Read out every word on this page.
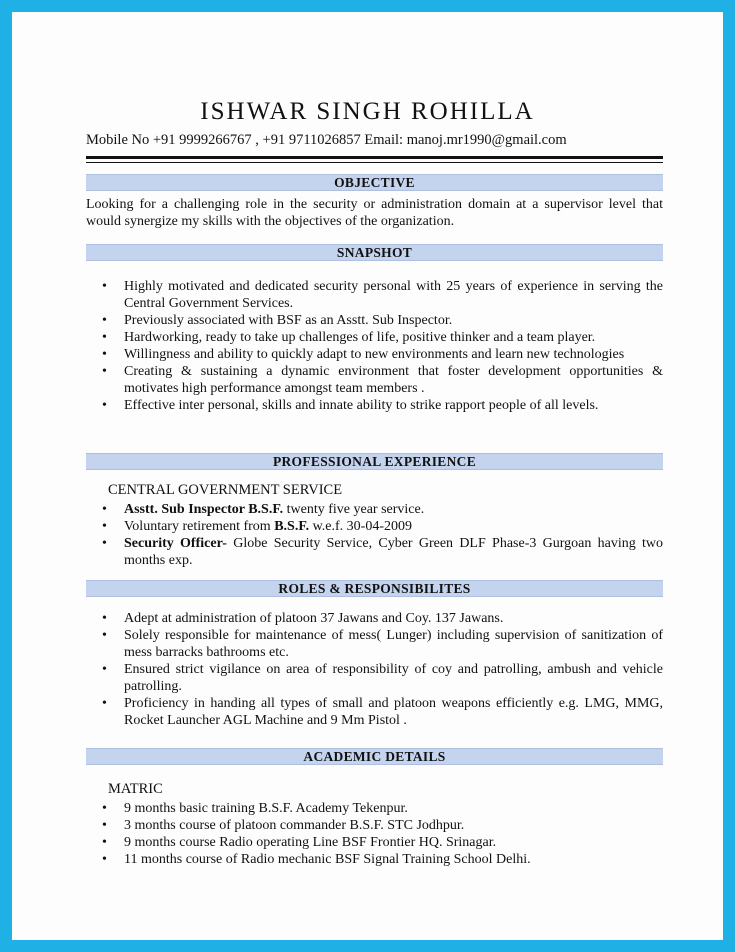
ISHWAR SINGH ROHILLA
Mobile No +91 9999266767 , +91 9711026857 Email: manoj.mr1990@gmail.com
OBJECTIVE
Looking for a challenging role in the security or administration domain at a supervisor level that would synergize my skills with the objectives of the organization.
SNAPSHOT
• Highly motivated and dedicated security personal with 25 years of experience in serving the Central Government Services.
• Previously associated with BSF as an Asstt. Sub Inspector.
• Hardworking, ready to take up challenges of life, positive thinker and a team player.
• Willingness and ability to quickly adapt to new environments and learn new technologies
• Creating & sustaining a dynamic environment that foster development opportunities & motivates high performance amongst team members .
• Effective inter personal, skills and innate ability to strike rapport people of all levels.
PROFESSIONAL EXPERIENCE
CENTRAL GOVERNMENT SERVICE
• Asstt. Sub Inspector B.S.F. twenty five year service.
• Voluntary retirement from B.S.F. w.e.f. 30-04-2009
• Security Officer- Globe Security Service, Cyber Green DLF Phase-3 Gurgoan having two months exp.
ROLES & RESPONSIBILITES
• Adept at administration of platoon 37 Jawans and Coy. 137 Jawans.
• Solely responsible for maintenance of mess( Lunger) including supervision of sanitization of mess barracks bathrooms etc.
• Ensured strict vigilance on area of responsibility of coy and patrolling, ambush and vehicle patrolling.
• Proficiency in handing all types of small and platoon weapons efficiently e.g. LMG, MMG, Rocket Launcher AGL Machine and 9 Mm Pistol .
ACADEMIC DETAILS
MATRIC
• 9 months basic training B.S.F. Academy Tekenpur.
• 3 months course of platoon commander B.S.F. STC Jodhpur.
• 9 months course Radio operating Line BSF Frontier HQ. Srinagar.
• 11 months course of Radio mechanic BSF Signal Training School Delhi.
